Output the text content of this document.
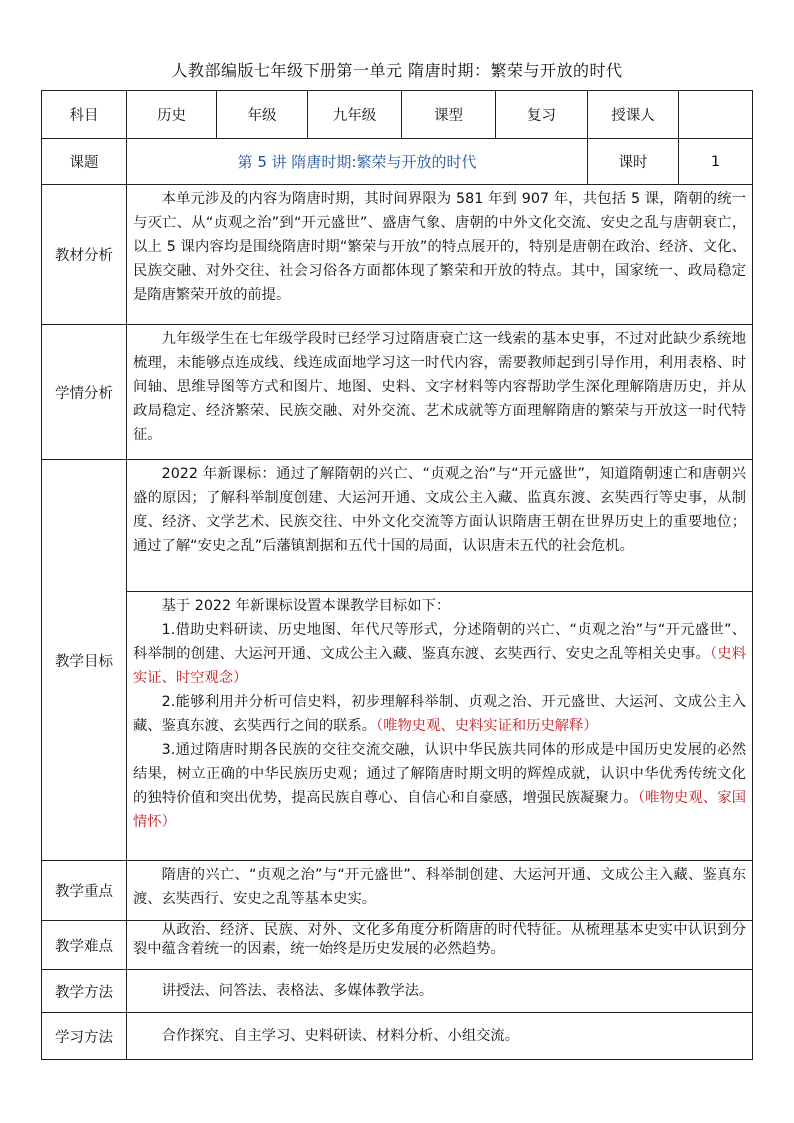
人教部编版七年级下册第一单元 隋唐时期：繁荣与开放的时代
科目	历史	年级	九年级	课型	复习	授课人	
课题	第 5 讲 隋唐时期:繁荣与开放的时代					课时	1
教材分析	本单元涉及的内容为隋唐时期，其时间界限为 581 年到 907 年，共包括 5 课，隋朝的统一与灭亡、从“贞观之治”到“开元盛世”、盛唐气象、唐朝的中外文化交流、安史之乱与唐朝衰亡，以上 5 课内容均是围绕隋唐时期“繁荣与开放”的特点展开的，特别是唐朝在政治、经济、文化、民族交融、对外交往、社会习俗各方面都体现了繁荣和开放的特点。其中，国家统一、政局稳定是隋唐繁荣开放的前提。						

学情分析	九年级学生在七年级学段时已经学习过隋唐衰亡这一线索的基本史事，不过对此缺少系统地梳理，未能够点连成线、线连成面地学习这一时代内容，需要教师起到引导作用，利用表格、时间轴、思维导图等方式和图片、地图、史料、文字材料等内容帮助学生深化理解隋唐历史，并从政局稳定、经济繁荣、民族交融、对外交流、艺术成就等方面理解隋唐的繁荣与开放这一时代特征。						

教学目标	2022 年新课标：通过了解隋朝的兴亡、“贞观之治”与“开元盛世”，知道隋朝速亡和唐朝兴盛的原因；了解科举制度创建、大运河开通、文成公主入藏、监真东渡、玄奘西行等史事，从制度、经济、文学艺术、民族交往、中外文化交流等方面认识隋唐王朝在世界历史上的重要地位；通过了解“安史之乱”后藩镇割据和五代十国的局面，认识唐末五代的社会危机。						

	基于 2022 年新课标设置本课教学目标如下：

1.借助史料研读、历史地图、年代尺等形式，分述隋朝的兴亡、“贞观之治”与“开元盛世”、科举制的创建、大运河开通、文成公主入藏、鉴真东渡、玄奘西行、安史之乱等相关史事。（史料实证、时空观念）

2.能够利用并分析可信史料，初步理解科举制、贞观之治、开元盛世、大运河、文成公主入藏、鉴真东渡、玄奘西行之间的联系。（唯物史观、史料实证和历史解释）

3.通过隋唐时期各民族的交往交流交融，认识中华民族共同体的形成是中国历史发展的必然结果，树立正确的中华民族历史观；通过了解隋唐时期文明的辉煌成就，认识中华优秀传统文化的独特价值和突出优势，提高民族自尊心、自信心和自豪感，增强民族凝聚力。（唯物史观、家国情怀）						

教学重点	隋唐的兴亡、“贞观之治”与“开元盛世”、科举制创建、大运河开通、文成公主入藏、鉴真东渡、玄奘西行、安史之乱等基本史实。						

教学难点	从政治、经济、民族、对外、文化多角度分析隋唐的时代特征。从梳理基本史实中认识到分裂中蕴含着统一的因素，统一始终是历史发展的必然趋势。						

教学方法	讲授法、问答法、表格法、多媒体教学法。						

学习方法	合作探究、自主学习、史料研读、材料分析、小组交流。						
